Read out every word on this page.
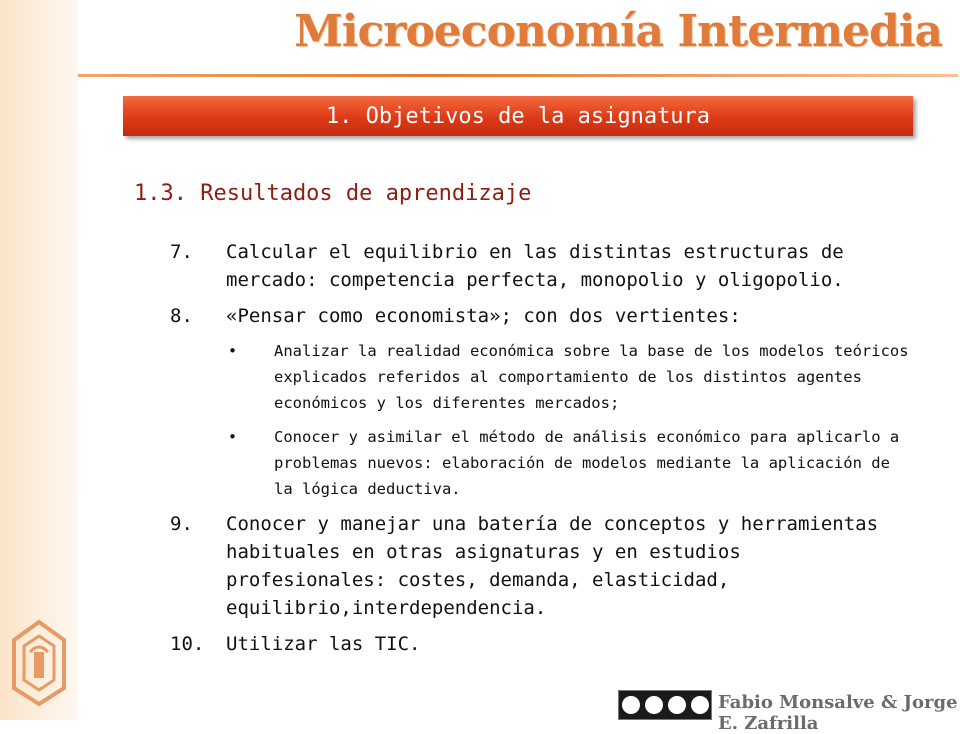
Microeconomía Intermedia
1. Objetivos de la asignatura
1.3. Resultados de aprendizaje
7.	Calcular el equilibrio en las distintas estructuras de mercado: competencia perfecta, monopolio y oligopolio.
8.	«Pensar como economista»; con dos vertientes:
•	Analizar la realidad económica sobre la base de los modelos teóricos explicados referidos al comportamiento de los distintos agentes económicos y los diferentes mercados;
•	Conocer y asimilar el método de análisis económico para aplicarlo a problemas nuevos: elaboración de modelos mediante la aplicación de la lógica deductiva.
9.	Conocer y manejar una batería de conceptos y herramientas habituales en otras asignaturas y en estudios profesionales: costes, demanda, elasticidad, equilibrio,interdependencia.
10.	Utilizar las TIC.
Fabio Monsalve & Jorge E. Zafrilla
